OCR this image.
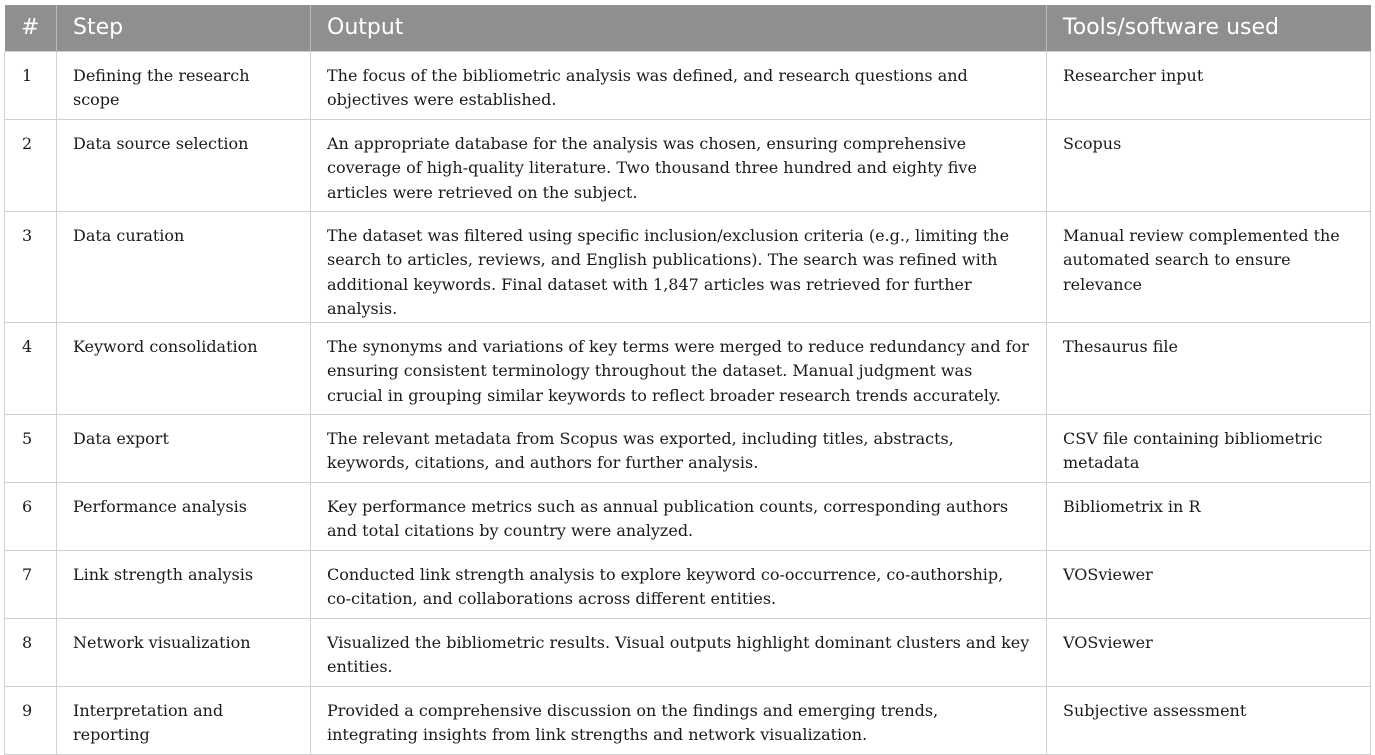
#	Step	Output	Tools/software used
1	Defining the research scope	The focus of the bibliometric analysis was defined, and research questions and objectives were established.	Researcher input
2	Data source selection	An appropriate database for the analysis was chosen, ensuring comprehensive coverage of high-quality literature. Two thousand three hundred and eighty five articles were retrieved on the subject.	Scopus
3	Data curation	The dataset was filtered using specific inclusion/exclusion criteria (e.g., limiting the search to articles, reviews, and English publications). The search was refined with additional keywords. Final dataset with 1,847 articles was retrieved for further analysis.	Manual review complemented the automated search to ensure relevance
4	Keyword consolidation	The synonyms and variations of key terms were merged to reduce redundancy and for ensuring consistent terminology throughout the dataset. Manual judgment was crucial in grouping similar keywords to reflect broader research trends accurately.	Thesaurus file
5	Data export	The relevant metadata from Scopus was exported, including titles, abstracts, keywords, citations, and authors for further analysis.	CSV file containing bibliometric metadata
6	Performance analysis	Key performance metrics such as annual publication counts, corresponding authors and total citations by country were analyzed.	Bibliometrix in R
7	Link strength analysis	Conducted link strength analysis to explore keyword co-occurrence, co-authorship, co-citation, and collaborations across different entities.	VOSviewer
8	Network visualization	Visualized the bibliometric results. Visual outputs highlight dominant clusters and key entities.	VOSviewer
9	Interpretation and reporting	Provided a comprehensive discussion on the findings and emerging trends, integrating insights from link strengths and network visualization.	Subjective assessment
